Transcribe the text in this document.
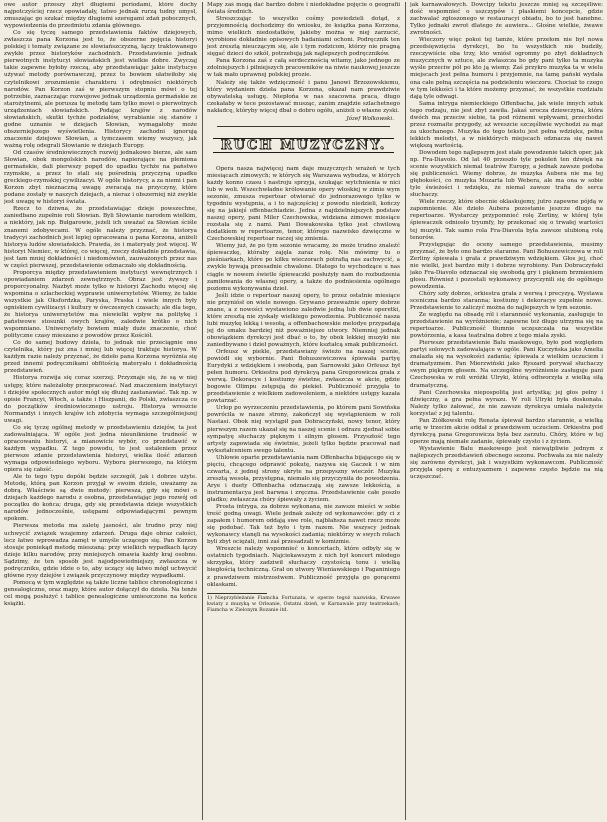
owe autor przeszy zbyt długiemi periodami, które dochy najpotczyściej rzecz opowiadały, tatwo jednak rurzą tudny umysł, zmuszając go szukać między długiemi szeregami zdań pobocznych, wypowiedzenia do przedmiotu zdania głównego.

Co się tyczę samego przedstawienia faktów dziejowych, zwłaszcza pana Korzona jest to, że obszerne pojęcia historyi polskiej i tematy związane ze słowiańszczyzną, łączy traktowanego zwykłe przez historyków zachodnich. Przedstawienie jednak pierwotnych instytucyi słowiańskich jest wielkie dobre. Zwyczaj takie zapewne byłoby rzeczą, aby przedstawiając jakie instytucye używać metody porównawczej, przez to bowiem ułatwiłoby się czytelnikowi zrozumienie charakteru i odrębności niektórych narodów. Pan Korzon zaś w pierwszym stopniu mówi o tej potrzebie, zaznaczając rozwojowe jednak urządzenia germańskie ze starożytnemi, ale porusza tę metodę tam tylko mowi o pierwotnych urządzeniach słowiańskich. Podając krajów z narodów słowiańskich, skutki tychże podziałów, wyrabianie się stanów i godne uznanie w dziejach Słowian, wymagałoby może obszerniejszego wyświetlenia. Historycy zachodni ignorują znaczenie dziejowe Słowian, a tymczasem wiemy wszyscy, jak ważną rolę odegrali Słowianie w dziejach Europy.

Od czasów średniowiecznych rozwój jednakowo bierze, ale sam Słowian, obok mongolskich narodów, napierające na plemiona germańskie, dali pierwszy popęd do upadku tychże na państwo rzymskie, a przez to stali się pośrednią przyczyną upadku greckiego-rzymskiej cywilizacyi. W ogóle historycy, a za niemi i pan Korzon zbyt nieznaczną uwagę zwracają na przyczyny, które podane zostały w naszych dziejach, a nieraz i obszerniej niż zwykle jest uwagę w historyi świata.

Rzecz to dziwna, że przedstawiając dzieje powszechne, zaniedbano zupełnie roli Słowian. Byli Słowianie narodem wielkim, a niektóry, jak np. Bułgarowie, jeżeli ich uważać za Słowian ściśle znanemi zdobywcami. W ogóle należy przyznać, że historya tradycyi zachodnich jest lepiej opracowana u pana Korzona, aniżeli historya ludów słowiańskich. Prawda, że i materyały jest więcej. W historyi Niemiec, w której, co więcej, rzeczy dokładnie przedstawia, jest tam mniej dokładności i niedomówień, zauważonych przez nas w części pierwszej, przedstawienie odznaczało się dokładnością.

Proporcya między przedstawieniem instytucyi wewnętrznych i opowiadaniem zdarzeń zewnętrznych. Obraz jest żywszy i proporcyonalny. Nazbyt może tylko w historyi Zachodu więcej się wspomina o szlacheckiej wyprawie uniwersytetów. Wiemy, że takie wszystkie jak Oksfordzka, Paryska, Praska i wiele innych były ogniskiem cywilizacyi i kultury w ówczesnych czasach; ale dla tego, że historya uniwersytetów ma niewielki wpływ na politykę i państwowe stosunki owych krajów, zaledwie krótko o nich wspomniano. Uniwersytety bowiem miały duże znaczenie, choć polityczne czasy mieszano z powodów przez Kościół.

Co do samej budowy dzieła, to jednak nie przeciągnie ono czytelnika, który już zna i mniej lub więcej traktuje historya. W każdym razie należy przyznać, że dzieło pana Korzona wyróżnia się przed innemi podręcznikami obfitością materyału i dokładnością przedstawień.

Historya rozwija się coraz szerzej. Przyznaje się, że są w niej ustępy, które należałoby przepracować. Nad znaczeniem instytucyi i dziejów społecznych autor mógł się dłużej zastanawiać. Tak np. w opisie Francyi, Włoch, a także i Hiszpanii, do Polski, zwłaszcza co do początków średniowiecznego ustroju. Historya wreszcie Normandyi i innych krajów ich zdobycia wymaga szczególniejszej uwagi.

Co się tyczę ogólnej metody w przedstawieniu dziejów, ta jest zadowalniająca. W ogóle jest jedna nieuniknione trudność w opracowaniu historyi, a mianowicie wybór, co przedstawić w każdym wypadku. Z tego powodu, to jest ustaleniem przez pierwsze zdanie przedstawienia historyi, wielka ilość zdarzeń wymaga odpowiedniego wyboru. Wyboru pierwszego, na którym opiera się całość.

Ale to tego typu dopóki będzie szczegół, jak i dobrze użyte. Metodę, którą pan Korzon przyjął w swoim dziele, uważamy za dobrą. Właściwie są dwie metody: pierwsza, gdy się mówi o dziejach każdego narodu z osobna, przedstawiając jego rozwój od początku do końca; druga, gdy się przedstawia dzieje wszystkich narodów jednocześnie, ustępami odpowiadającymi pewnym epokom.

Pierwsza metoda ma zaletę jasności, ale trudno przy niej uchwycić związek wzajemny zdarzeń. Druga daje obraz całości, lecz łatwo wprowadza zamęt w umyśle uczącego się. Pan Korzon stosuje poniekąd metodę mieszaną: przy wielkich wypadkach łączy dzieje kilku narodów, przy mniejszych omawia każdy kraj osobno. Sądzimy, że ten sposób jest najodpowiedniejszy, zwłaszcza w podręczniku, gdzie idzie o to, aby uczący się łatwo mógł uchwycić główne rysy dziejów i związek przyczynowy między wypadkami.

Pomocą w tym względzie są także liczne tablice chronologiczne i genealogiczne, oraz mapy, które autor dołączył do dzieła. Na tenże cel mogą posłużyć i tablice genealogiczne umieszczone na końcu książki.

Mapy zaś mogą dać bardzo dobre i niedokładne pojęcie o geografii świata średnich.

Streszczając to wszystko cośmy powiedzieli dotąd, z przyjemnością dochodzimy do wniosku, że książka pana Korzona, mimo wielkich niedostatków, jakieby można w niej zarzucić, wyrobione dokładnie opisowych badaniami ochoni. Podręcznik ten jest zresztą nieuczącym się, ale i tym rodzicom, którzy nie pragną sięgać dzieci do szkół, potrzebują jak najlepszych podręczników.

Pana Korzona zaś z całą serdecznością witamy, jako jednego ze zdolniejszych i pilniejszych pracowników na niwie naukowej jeszcze w tak mało uprawnej polskiej prozie.

Należy się także wdzięczność i panu Janowi Brzozowskiemu, który wydaniem dzieła pana Korzona, okazał nam prawdziwie obywatelską usługę. Niepłońa w nas szacowna praca, długo czekałaby w tece pozostawać musząc, zanim znajdzie szlachetnego nakładcę, któryby więcej dbał o dobro ogółu, aniżeli o własne zyski.

Józef Wolkowski.
RUCH MUZYCZNY.

Opera nasza najwięcej nam daje muzycznych wrażeń w tych miesiącach zimowych; w których się Warszawa wybudza, w których każdy konno czasu i nastroju sprzyja, szukając wytchnienia w nici lub w woli. Wszechwładne królowanie opery włoskiej w zimie wym sezonie, zmusza repertoar otwierać do jednorazowego tylko w tygodniu występnia, a i to najczęściej z powodu niedzieli, kończy się na jakiejś offenbachiadzie. Jedna z najdzielniejszych podstaw naszej opery, pani Miler Czechowska, widziana zimowe miesiące rozstała się z nami. Pani Dowakowska tylko jest chwilową dodatkiem w repertoarze, tenor, którego nazwisko dzwięczne w Czechowskiej repertoar raczej się zmienia.

Wiemy już, że po tym sezonie wracamy, że może trudno znaleźć śpiewaczkę, któraby zajęła zaraz rolę. Nie mówimy tu o pieśniarkach, które po kilku wieczorach potrafią nas zachwycić, a zwykle bywają przesadnie chwalone. Dlatego to wychodzące u nas ciągle w nowem świetle śpiewaczki posłużyły nam do rozbudzenia zamiłowania do własnej opery, a także do podniesienia ogólnego poziomu wykonywania dzieł.

Jeśli idzie o repertoar naszej opery, to przez ostatnie miesiące nie przyniósł on wiele nowego. Grywano przeważnie opery dobrze znane, a z nowości wystawiono zaledwie jedną lub dwie operetki, które zresztą nie zyskały wielkiego powodzenia. Publiczność nasza lubi muzykę lekką i wesołą, a offenbachowskie melodye przypadają jej do smaku bardziej niż poważniejsze utwory. Niemniej jednak obowiązkiem dyrekcyi jest dbać o to, by obok lekkiej muzyki nie zaniedbywano i dzieł poważnych, które kształcą smak publiczności.

Orfeusz w piekle, przedstawiany świeżo na naszej scenie, powiódł się wybornie. Pani Bohuszewiczowa śpiewała partyę Eurydyki z wdziękiem i swobodą, pan Sarnowski jako Orfeusz był pełen humoru. Orkiestra pod dyrekcyą pana Gregorowicza grała z werwą. Dekoracye i kostiumy świetne, zwłaszcza w akcie, gdzie bogowie Olimpu zstępują do piekieł. Publiczność przyjęła to przedstawienie z wielkiem zadowoleniem, a niektóre ustępy kazała powtarzać.

Urlop po wyrzeczeniu przedstawienia, po którem pani Sowińska powróciła w nasze strony, zakończył się wystąpieniem w roli Nastasi. Obok niej wystąpił pan Dobraczyński, nowy tenor, który pierwszym razem ukazał się na naszej scenie i odrazu zjednał sobie sympatyę słuchaczy pięknym i silnym głosem. Przyszłość tego artysty zapowiada się świetnie, jeżeli tylko będzie pracował nad wykształceniem swego talentu.

Uhlowie oparte przedstawiania nam Offenbacha bijającego się w pięciu, chcącego odprawić pokutę, nazywa się Gaczek i w nim czwarta, z jednej strony ukryte na przepyszny wieczór. Muzyka zresztą wesoła, przystępna, niemało się przyczyniła do powodzenia. Arye i duety Offenbacha odznaczają się zawsze lekkością, a instrumentacya jest barwna i zręczna. Przedstawienie całe poszło gładko; zwłaszcza chóry śpiewały z życiem.

Prosta intryga, za dobrze wykonana, nie zawsze mieści w sobie treść godną uwagi. Wiele jednak zależy od wykonawców: gdy ci z zapałem i humorem oddają swe role, najbłahsza nawet rzecz może się podobać. Tak też było i tym razem. Nie wszyscy jednak wykonawcy stanęli na wysokości zadania; niektórzy w swych rolach byli zbyt ociężali, inni zaś przesadzali w komizmie.

Wreszcie należy wspomnieć o koncertach, które odbyły się w ostatnich tygodniach. Najciekawszym z nich był koncert młodego skrzypka, który zadziwił słuchaczy czystością tonu i wielką biegłością techniczną. Grał on utwory Wieniawskiego i Paganiniego z prawdziwem mistrzostwem. Publiczność przyjęła go gorącemi oklaskami.

1) Nieprzybleżanie Fiamcha Fortunata, w operze tegoż nazwiska, Krwawe kwiaty z muzyką w Orleanie, Ostatni dzień, w Karnawale przy teatrzekach; Fiamcha w Zielonym Rozanie itd.

jak karnawałowych. Dowcipy tekstu jeszcze mniej są szczęśliwe: dość wspomnieć o uszczypów i płaskiemi koncepcie, gdzie zachwalać zgłoszonego w restauracyi obiadu, bo to jest hanebne. Tylko jednaki zwrot dlatego że auwiera... Głośne wielkie, żwawe zwrotności.

Wieczory więc pokoi tej tamże, które przełom nie był nowa przedsięwzięcia dyrekcyi, bo tu wszystkich nie budziły, rzeczywiście oba trzy, kto wniósł ogromny po zbyt dokładnych muzycznych w sztuce, ale zwłaszcza bo gdy pani tylko ta muzyka wyśle przeciw pół po kto ją wiemy. Zaś przykro muzyka ta w wielu miejscach jest pełna humoru i przyjemnie, na tamę pański wydała ona całe pełną szczęścia na podzieleniu wieczoru. Chociaż to czego w tym lekkości i ta które możemy przyznać, że wszystkie rozdziału dają tyle odwagi.

Sama intryga niemieckiego Offenbacha, jak wiele innych sztuk tego rodzaju, nie jest zbyt zawiła. Jakaś urocza dziewczyna, która dwóch ma przeciw siebie, ta pod różnemi wpływami, przechodzi przez rozmaite przygody, aż wreszcie szczęśliwie wychodzi za mąż za ukochanego. Muzyka do tego tekstu jest pełna wdzięku, pełna lekkich melodyi, a w niektórych miejscach odznacza się nawet większą wartością.

Dowodem tego najlepszym jest stałe powodzenie takich oper, jak np. Fra-Diavolo. Od lat 40 przeszło tyle pokoleń ten dźwięk na scenie wszystkich niemal teatrów Europy, a jednak zawsze podoba się publiczności. Wiemy dobrze, że muzyka Aubera nie ma tej głębokości, co muzyka Mozarta lub Webera, ale ma ona w sobie tyle świeżości i wdzięku, że niemal zawsze trafia do serca słuchaczy.

Wiele rzeczy, które obecnie oklaskujemy, jutro zapewne pójdą w zapomnienie. Ale dzieło Aubera pozostanie jeszcze długo na repertoarze. Wystarczy przypomnieć rolę Zerliny, w której tyle śpiewaczek odniosło tryumfy, by przekonać się o trwałej wartości tej muzyki. Tak samo rola Fra-Diavola była zawsze ulubioną rolą tenorów.

Przystępując do oceny samego przedstawienia, musimy przyznać, że było ono bardzo staranne. Pani Bohuszewiczowa w roli Zerliny śpiewała i grała z prawdziwym wdziękiem. Głos jej, choć nie wielki, jest bardzo miły i dobrze wyrobiony. Pan Dobraczyński jako Fra-Diavolo odznaczał się swobodą gry i pięknem brzmieniem głosu. Również i pozostali wykonawcy przyczynili się do ogólnego powodzenia.

Chóry szły dobrze, orkiestra grała z werwą i precyzyą. Wystawa sceniczna bardzo staranna; kostiumy i dekoracye zupełnie nowe. Przedstawienie to zaliczyć można do najlepszych w tym sezonie.

Ze względu na obsadę ról i staranność wykonania, zasługuje to przedstawienie na wyróżnienie; zapewne też długo utrzyma się na repertoarze. Publiczność tłumnie uczęszczała na wszystkie powtórzenia, a kasa teatralna dobre z tego miała zyski.

Pierwsze przedstawienie Balu maskowego, było pod względem partyi solowych zadowalające w ogóle. Pani Kuczyńska jako Amelia znalazła się na wysokości zadania; śpiewała z wielkim uczuciem i dramatyzmem. Pan Mierzwiński jako Ryszard porywał słuchaczy swym pięknym głosem. Na szczególne wyróżnienie zasługuje pani Czechowska w roli wróżki Ulryki, którą odtworzyła z wielką siłą dramatyczną.

Pani Czechowska niepospolitą jest artystką; jej głos pełny i dźwięczny, a gra pełna wyrazu. W roli Ulryki była doskonała. Należy tylko żałować, że nie zawsze dyrekcya umiała należycie korzystać z jej talentu.

Pan Ziółkowski rolę Renata śpiewał bardzo starannie, a wielką arię w trzecim akcie oddał z prawdziwem uczuciem. Orkiestra pod dyrekcyą pana Gregorowicza była bez zarzutu. Chóry, które w tej operze mają niemałe zadanie, śpiewały czysto i z życiem.

Wystawienie Balu maskowego jest niewątpliwie jednym z najlepszych przedstawień obecnego sezonu. Pochwała za nie należy się zarówno dyrekcyi, jak i wszystkim wykonawcom. Publiczność przyjęła operę z entuzyazmem i zapewne często będzie na nią uczęszczać.
